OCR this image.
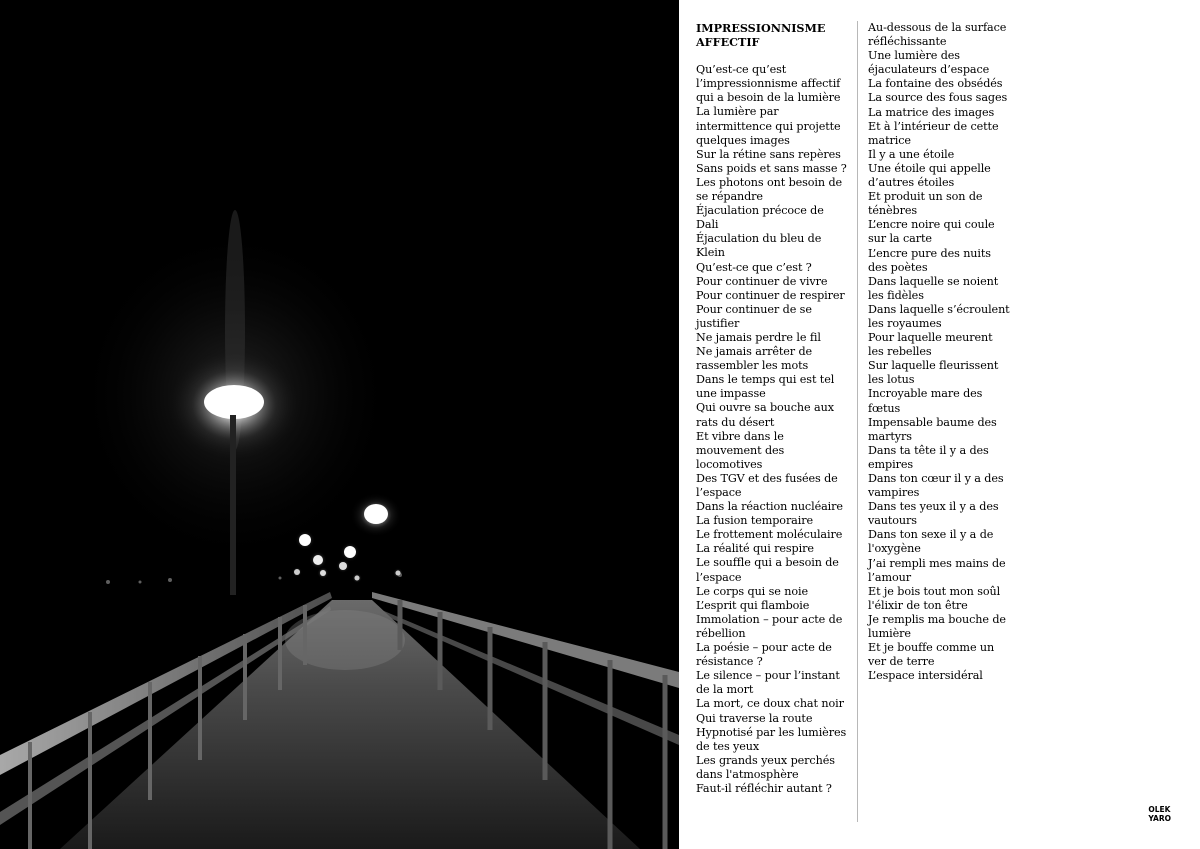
IMPRESSIONNISME
AFFECTIF
Qu’est-ce qu’est
l’impressionnisme affectif
qui a besoin de la lumière
La lumière par
intermittence qui projette
quelques images
Sur la rétine sans repères
Sans poids et sans masse ?
Les photons ont besoin de
se répandre
Éjaculation précoce de
Dali
Éjaculation du bleu de
Klein
Qu’est-ce que c’est ?
Pour continuer de vivre
Pour continuer de respirer
Pour continuer de se
justifier
Ne jamais perdre le fil
Ne jamais arrêter de
rassembler les mots
Dans le temps qui est tel
une impasse
Qui ouvre sa bouche aux
rats du désert
Et vibre dans le
mouvement des
locomotives
Des TGV et des fusées de
l’espace
Dans la réaction nucléaire
La fusion temporaire
Le frottement moléculaire
La réalité qui respire
Le souffle qui a besoin de
l’espace
Le corps qui se noie
L’esprit qui flamboie
Immolation – pour acte de
rébellion
La poésie – pour acte de
résistance ?
Le silence – pour l’instant
de la mort
La mort, ce doux chat noir
Qui traverse la route
Hypnotisé par les lumières
de tes yeux
Les grands yeux perchés
dans l'atmosphère
Faut-il réfléchir autant ?
Au-dessous de la surface
réfléchissante
Une lumière des
éjaculateurs d’espace
La fontaine des obsédés
La source des fous sages
La matrice des images
Et à l’intérieur de cette
matrice
Il y a une étoile
Une étoile qui appelle
d’autres étoiles
Et produit un son de
ténèbres
L’encre noire qui coule
sur la carte
L’encre pure des nuits
des poètes
Dans laquelle se noient
les fidèles
Dans laquelle s’écroulent
les royaumes
Pour laquelle meurent
les rebelles
Sur laquelle fleurissent
les lotus
Incroyable mare des
fœtus
Impensable baume des
martyrs
Dans ta tête il y a des
empires
Dans ton cœur il y a des
vampires
Dans tes yeux il y a des
vautours
Dans ton sexe il y a de
l'oxygène
J’ai rempli mes mains de
l’amour
Et je bois tout mon soûl
l'élixir de ton être
Je remplis ma bouche de
lumière
Et je bouffe comme un
ver de terre
L’espace intersidéral
OLEK
YARO
